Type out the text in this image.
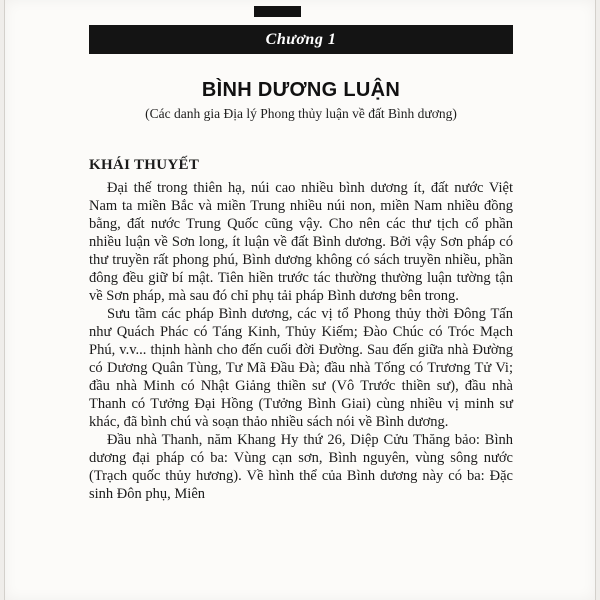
Chương 1
BÌNH DƯƠNG LUẬN
(Các danh gia Địa lý Phong thủy luận về đất Bình dương)
KHÁI THUYẾT

Đại thế trong thiên hạ, núi cao nhiều bình dương ít, đất nước Việt Nam ta miền Bắc và miền Trung nhiều núi non, miền Nam nhiều đồng bằng, đất nước Trung Quốc cũng vậy. Cho nên các thư tịch cổ phần nhiều luận về Sơn long, ít luận về đất Bình dương. Bởi vậy Sơn pháp có thư truyền rất phong phú, Bình dương không có sách truyền nhiều, phần đông đều giữ bí mật. Tiên hiền trước tác thường thường luận tường tận về Sơn pháp, mà sau đó chỉ phụ tải pháp Bình dương bên trong.

Sưu tầm các pháp Bình dương, các vị tổ Phong thủy thời Đông Tấn như Quách Phác có Táng Kinh, Thủy Kiếm; Đào Chúc có Tróc Mạch Phú, v.v... thịnh hành cho đến cuối đời Đường. Sau đến giữa nhà Đường có Dương Quân Tùng, Tư Mã Đầu Đà; đầu nhà Tống có Trương Tử Vi; đầu nhà Minh có Nhật Giảng thiền sư (Vô Trước thiền sư), đầu nhà Thanh có Tưởng Đại Hồng (Tưởng Bình Giai) cùng nhiều vị minh sư khác, đã bình chú và soạn thảo nhiều sách nói về Bình dương.

Đầu nhà Thanh, năm Khang Hy thứ 26, Diệp Cửu Thăng bảo: Bình dương đại pháp có ba: Vùng cạn sơn, Bình nguyên, vùng sông nước (Trạch quốc thủy hương). Về hình thể của Bình dương này có ba: Đặc sinh Đôn phụ, Miên
